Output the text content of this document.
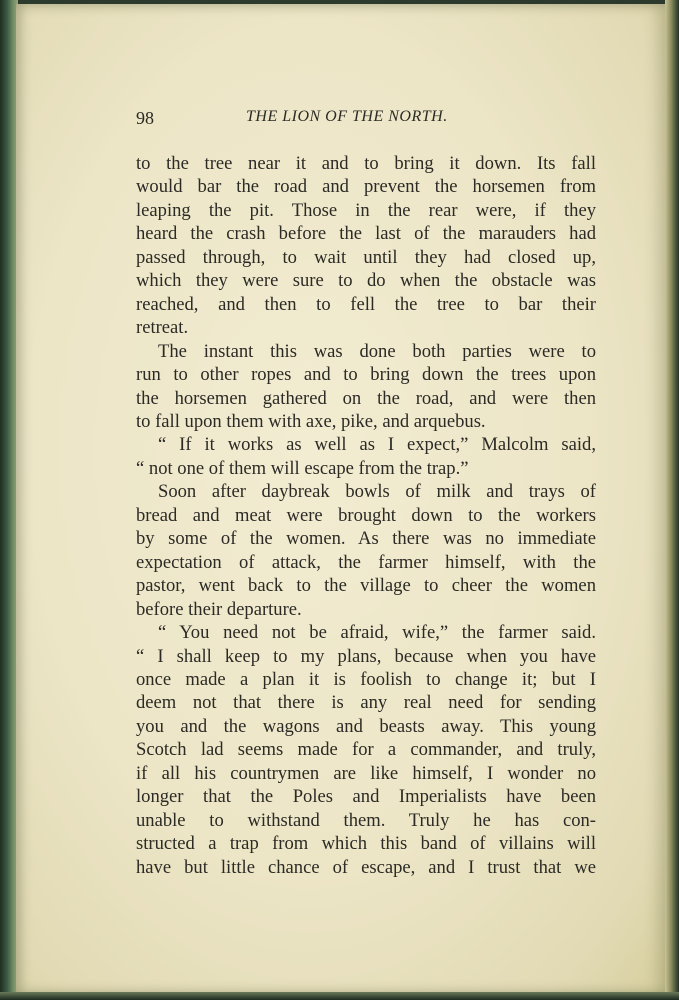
98	THE LION OF THE NORTH.
to the tree near it and to bring it down. Its fall
would bar the road and prevent the horsemen from
leaping the pit. Those in the rear were, if they
heard the crash before the last of the marauders had
passed through, to wait until they had closed up,
which they were sure to do when the obstacle was
reached, and then to fell the tree to bar their
retreat.
The instant this was done both parties were to
run to other ropes and to bring down the trees upon
the horsemen gathered on the road, and were then
to fall upon them with axe, pike, and arquebus.
“ If it works as well as I expect,” Malcolm said,
“ not one of them will escape from the trap.”
Soon after daybreak bowls of milk and trays of
bread and meat were brought down to the workers
by some of the women. As there was no immediate
expectation of attack, the farmer himself, with the
pastor, went back to the village to cheer the women
before their departure.
“ You need not be afraid, wife,” the farmer said.
“ I shall keep to my plans, because when you have
once made a plan it is foolish to change it; but I
deem not that there is any real need for sending
you and the wagons and beasts away. This young
Scotch lad seems made for a commander, and truly,
if all his countrymen are like himself, I wonder no
longer that the Poles and Imperialists have been
unable to withstand them. Truly he has con-
structed a trap from which this band of villains will
have but little chance of escape, and I trust that we
